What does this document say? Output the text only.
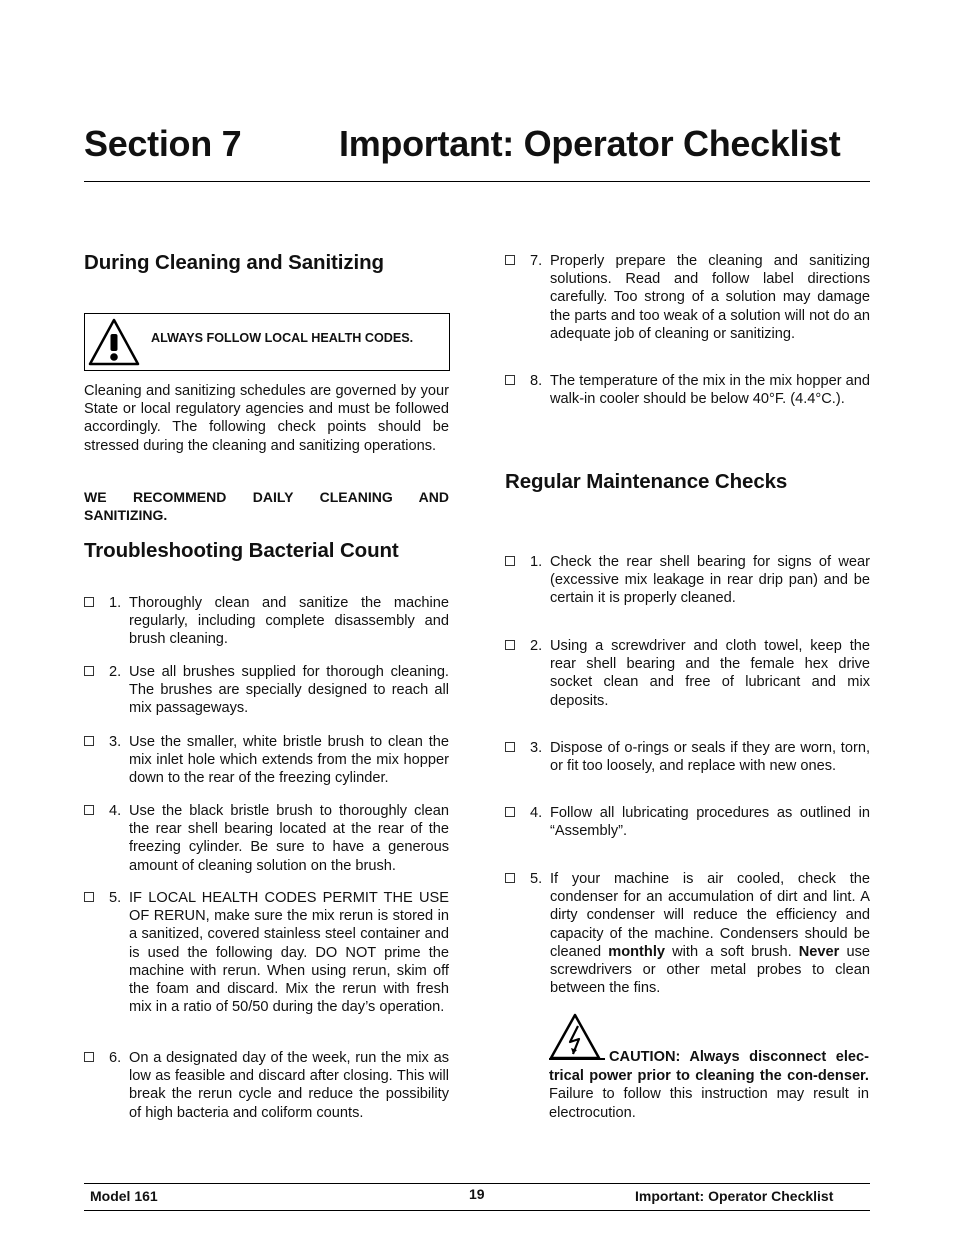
Section 7	Important: Operator Checklist
During Cleaning and Sanitizing
ALWAYS FOLLOW LOCAL HEALTH CODES.

Cleaning and sanitizing schedules are governed by your State or local regulatory agencies and must be followed accordingly. The following check points should be stressed during the cleaning and sanitizing operations.

WE RECOMMEND DAILY CLEANING AND

SANITIZING.

Troubleshooting Bacterial Count
1. Thoroughly clean and sanitize the machine regularly, including complete disassembly and brush cleaning.
2. Use all brushes supplied for thorough cleaning. The brushes are specially designed to reach all mix passageways.
3. Use the smaller, white bristle brush to clean the mix inlet hole which extends from the mix hopper down to the rear of the freezing cylinder.
4. Use the black bristle brush to thoroughly clean the rear shell bearing located at the rear of the freezing cylinder. Be sure to have a generous amount of cleaning solution on the brush.
5. IF LOCAL HEALTH CODES PERMIT THE USE OF RERUN, make sure the mix rerun is stored in a sanitized, covered stainless steel container and is used the following day. DO NOT prime the machine with rerun. When using rerun, skim off the foam and discard. Mix the rerun with fresh mix in a ratio of 50/50 during the day’s operation.
6. On a designated day of the week, run the mix as low as feasible and discard after closing. This will break the rerun cycle and reduce the possibility of high bacteria and coliform counts.
7. Properly prepare the cleaning and sanitizing solutions. Read and follow label directions carefully. Too strong of a solution may damage the parts and too weak of a solution will not do an adequate job of cleaning or sanitizing.
8. The temperature of the mix in the mix hopper and walk-in cooler should be below 40°F. (4.4°C.).
Regular Maintenance Checks
1. Check the rear shell bearing for signs of wear (excessive mix leakage in rear drip pan) and be certain it is properly cleaned.
2. Using a screwdriver and cloth towel, keep the rear shell bearing and the female hex drive socket clean and free of lubricant and mix deposits.
3. Dispose of o-rings or seals if they are worn, torn, or fit too loosely, and replace with new ones.
4. Follow all lubricating procedures as outlined in “Assembly”.
5. If your machine is air cooled, check the condenser for an accumulation of dirt and lint. A dirty condenser will reduce the efficiency and capacity of the machine. Condensers should be cleaned monthly with a soft brush. Never use screwdrivers or other metal probes to clean between the fins.

CAUTION: Always disconnect elec-trical power prior to cleaning the con-denser. Failure to follow this instruction may result in electrocution.

Model 161	19	Important: Operator Checklist
